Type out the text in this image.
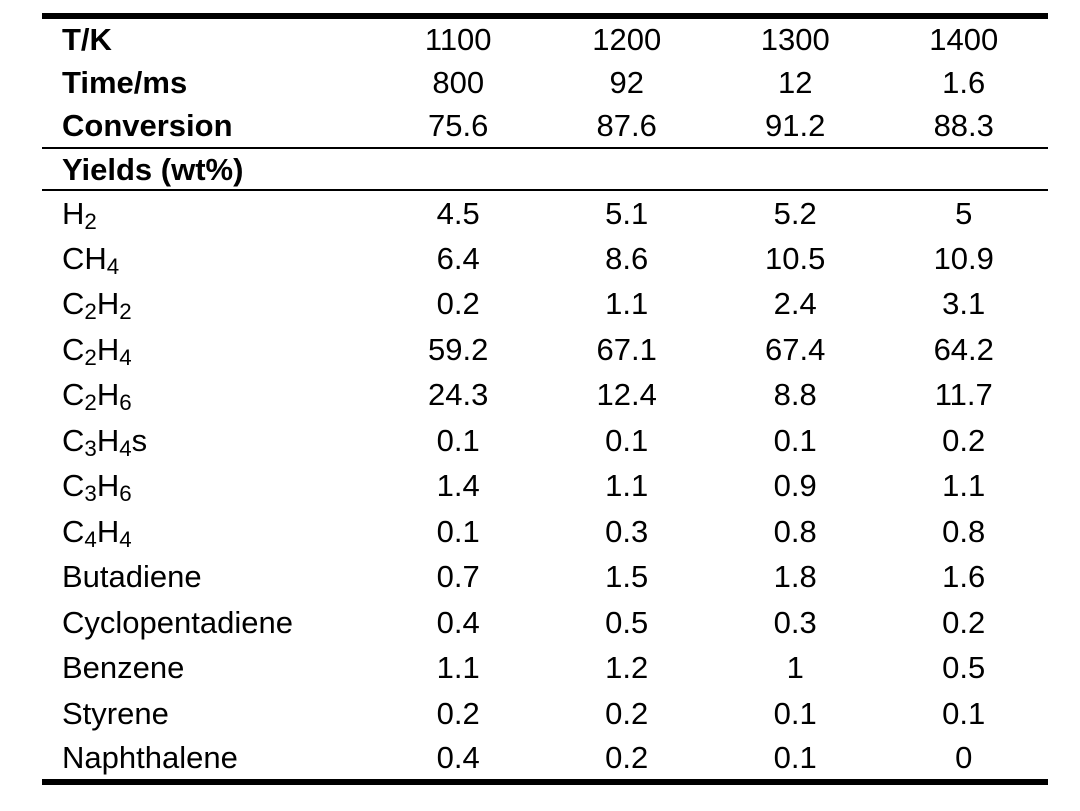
T/K	1100	1200	1300	1400
Time/ms	800	92	12	1.6
Conversion	75.6	87.6	91.2	88.3
Yields (wt%)				
$H_2$	4.5	5.1	5.2	5
$CH_4$	6.4	8.6	10.5	10.9
$C_2H_2$	0.2	1.1	2.4	3.1
$C_2H_4$	59.2	67.1	67.4	64.2
$C_2H_6$	24.3	12.4	8.8	11.7
$C_3H_4s$	0.1	0.1	0.1	0.2
$C_3H_6$	1.4	1.1	0.9	1.1
$C_4H_4$	0.1	0.3	0.8	0.8
Butadiene	0.7	1.5	1.8	1.6
Cyclopentadiene	0.4	0.5	0.3	0.2
Benzene	1.1	1.2	1	0.5
Styrene	0.2	0.2	0.1	0.1
Naphthalene	0.4	0.2	0.1	0
